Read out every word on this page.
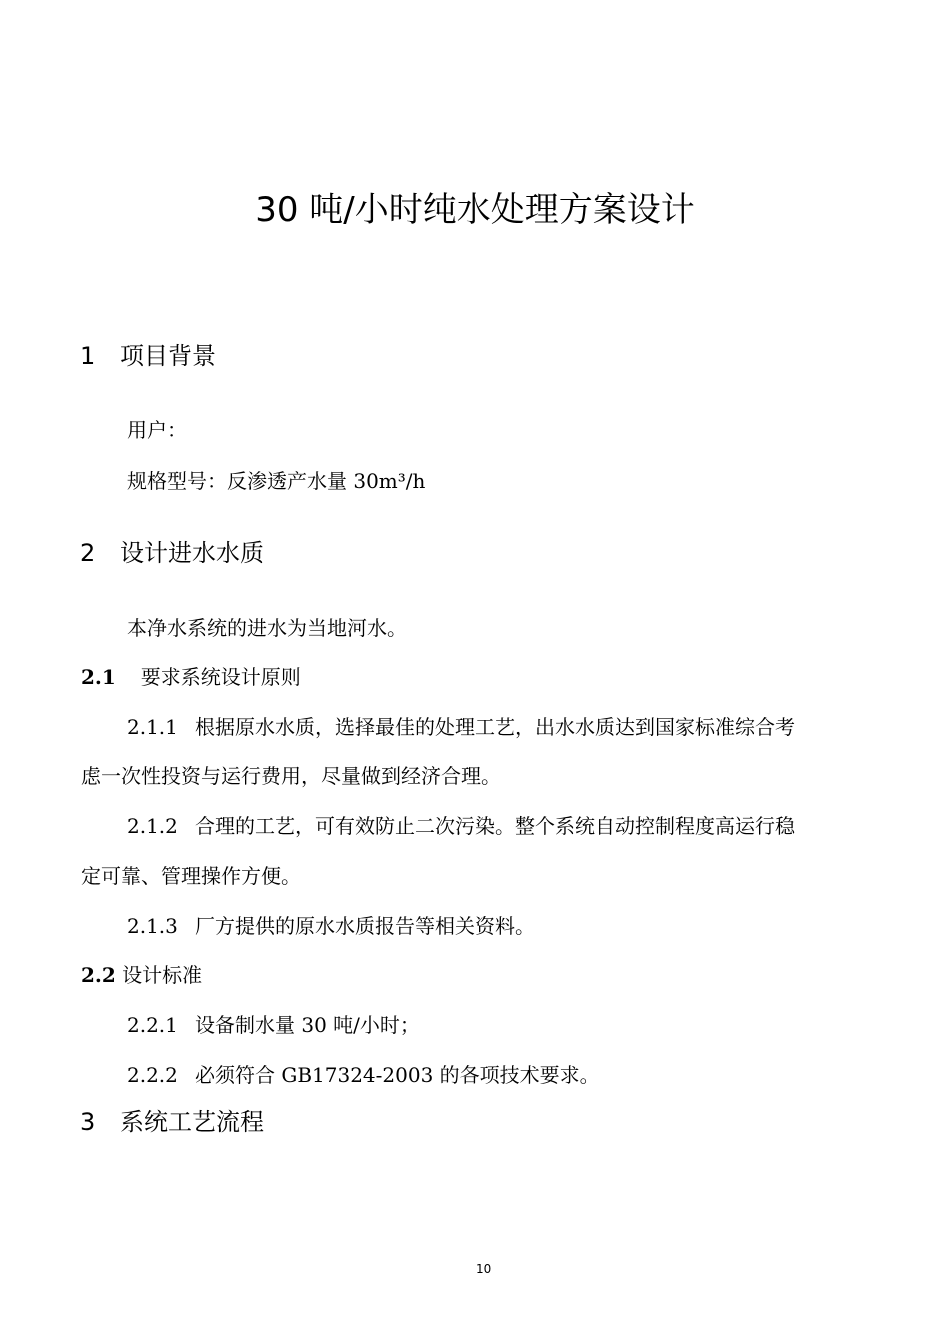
30 吨/小时纯水处理方案设计
1 项目背景
用户：
规格型号：反渗透产水量 30m³/h
2 设计进水水质
本净水系统的进水为当地河水。
2.1 要求系统设计原则
2.1.1 根据原水水质，选择最佳的处理工艺，出水水质达到国家标准综合考
虑一次性投资与运行费用，尽量做到经济合理。
2.1.2 合理的工艺，可有效防止二次污染。整个系统自动控制程度高运行稳
定可靠、管理操作方便。
2.1.3 厂方提供的原水水质报告等相关资料。
2.2 设计标准
2.2.1 设备制水量 30 吨/小时；
2.2.2 必须符合 GB17324-2003 的各项技术要求。
3 系统工艺流程
10
